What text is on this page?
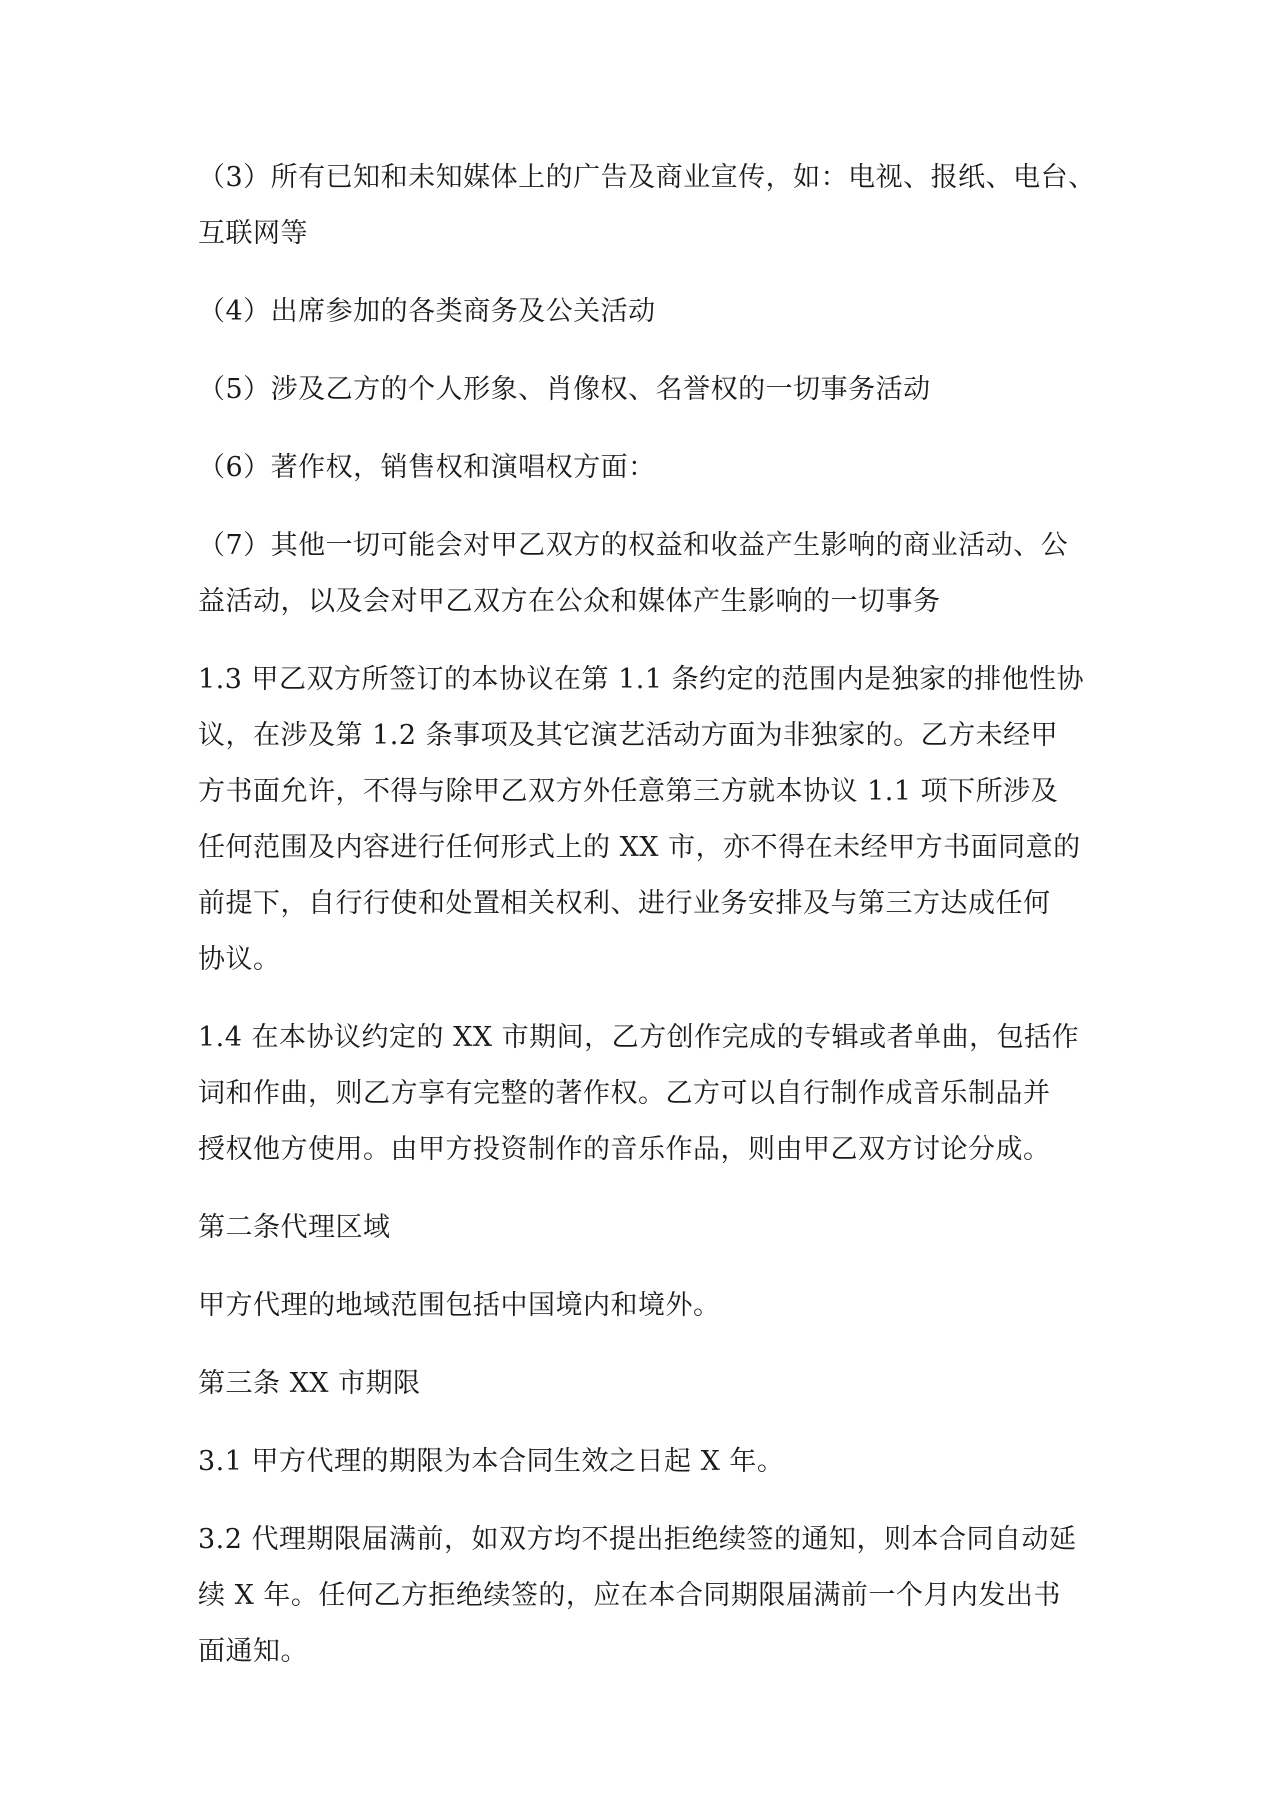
（3）所有已知和未知媒体上的广告及商业宣传，如：电视、报纸、电台、
互联网等

（4）出席参加的各类商务及公关活动

（5）涉及乙方的个人形象、肖像权、名誉权的一切事务活动

（6）著作权，销售权和演唱权方面：

（7）其他一切可能会对甲乙双方的权益和收益产生影响的商业活动、公
益活动，以及会对甲乙双方在公众和媒体产生影响的一切事务

1.3 甲乙双方所签订的本协议在第 1.1 条约定的范围内是独家的排他性协
议，在涉及第 1.2 条事项及其它演艺活动方面为非独家的。乙方未经甲
方书面允许，不得与除甲乙双方外任意第三方就本协议 1.1 项下所涉及
任何范围及内容进行任何形式上的 XX 市，亦不得在未经甲方书面同意的
前提下，自行行使和处置相关权利、进行业务安排及与第三方达成任何
协议。

1.4 在本协议约定的 XX 市期间，乙方创作完成的专辑或者单曲，包括作
词和作曲，则乙方享有完整的著作权。乙方可以自行制作成音乐制品并
授权他方使用。由甲方投资制作的音乐作品，则由甲乙双方讨论分成。

第二条代理区域

甲方代理的地域范围包括中国境内和境外。

第三条 XX 市期限

3.1 甲方代理的期限为本合同生效之日起 X 年。

3.2 代理期限届满前，如双方均不提出拒绝续签的通知，则本合同自动延
续 X 年。任何乙方拒绝续签的，应在本合同期限届满前一个月内发出书
面通知。
